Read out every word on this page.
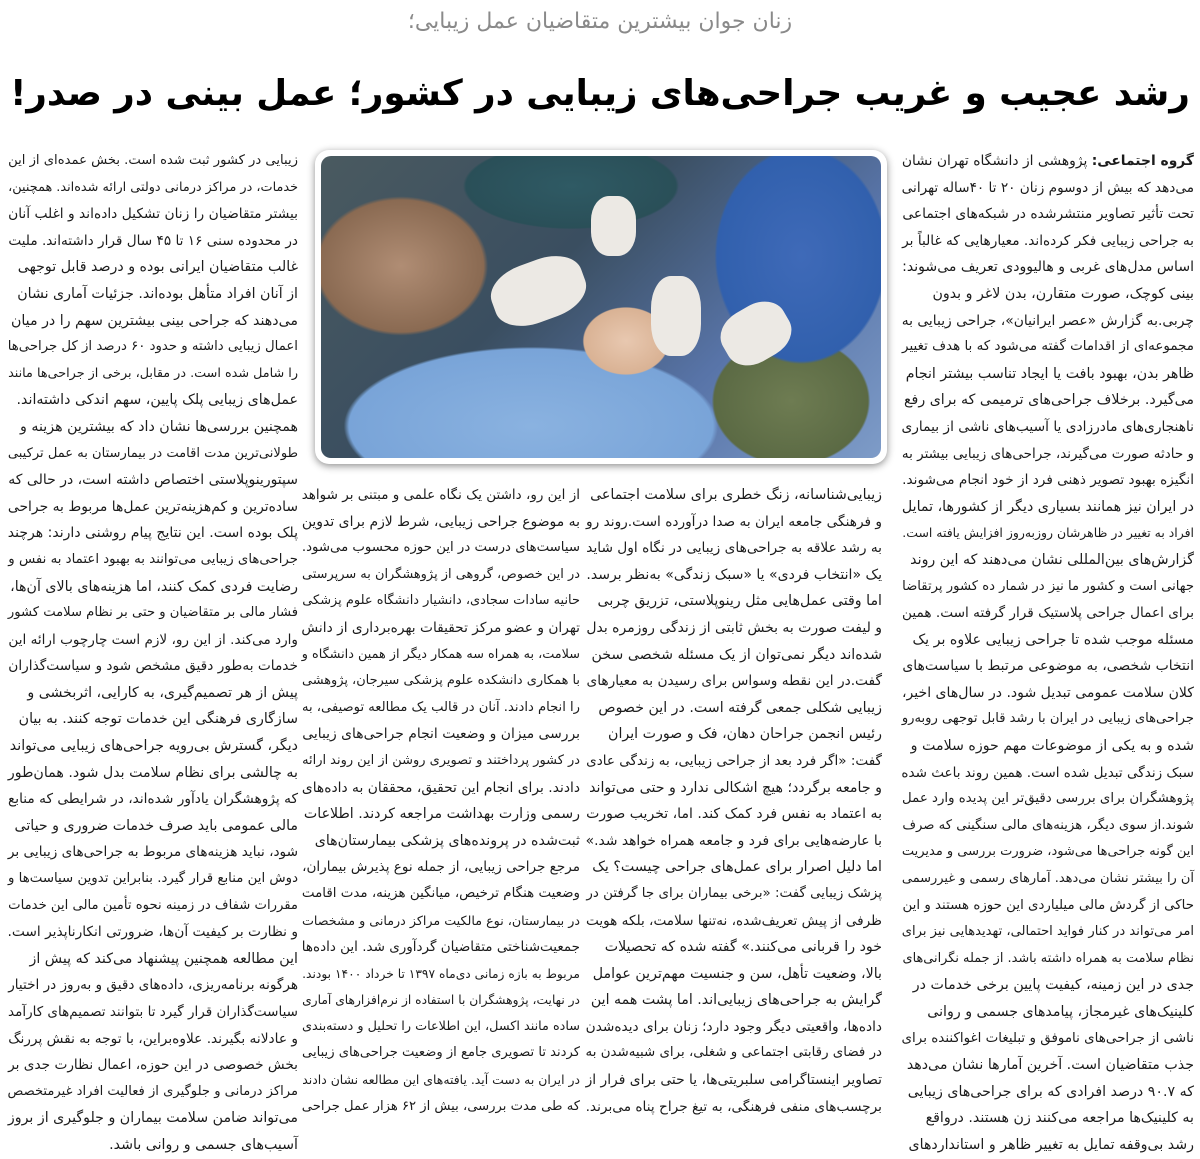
زنان جوان بیشترین متقاضیان عمل زیبایی؛
رشد عجیب و غریب جراحی‌های زیبایی در کشور؛ عمل بینی در صدر!
گروه اجتماعی: پژوهشی از دانشگاه تهران نشان
می‌دهد که بیش از دوسوم زنان ۲۰ تا ۴۰ساله تهرانی
تحت تأثیر تصاویر منتشرشده در شبکه‌های اجتماعی
به جراحی زیبایی فکر کرده‌اند. معیارهایی که غالباً بر
اساس مدل‌های غربی و هالیوودی تعریف می‌شوند:
بینی کوچک، صورت متقارن، بدن لاغر و بدون
چربی.به گزارش «عصر ایرانیان»، جراحی زیبایی به
مجموعه‌ای از اقدامات گفته می‌شود که با هدف تغییر
ظاهر بدن، بهبود بافت یا ایجاد تناسب بیشتر انجام
می‌گیرد. برخلاف جراحی‌های ترمیمی که برای رفع
ناهنجاری‌های مادرزادی یا آسیب‌های ناشی از بیماری
و حادثه صورت می‌گیرند، جراحی‌های زیبایی بیشتر به
انگیزه بهبود تصویر ذهنی فرد از خود انجام می‌شوند.
در ایران نیز همانند بسیاری دیگر از کشورها، تمایل
افراد به تغییر در ظاهرشان روزبه‌روز افزایش یافته است.
گزارش‌های بین‌المللی نشان می‌دهند که این روند
جهانی است و کشور ما نیز در شمار ده کشور پرتقاضا
برای اعمال جراحی پلاستیک قرار گرفته است. همین
مسئله موجب شده تا جراحی زیبایی علاوه بر یک
انتخاب شخصی، به موضوعی مرتبط با سیاست‌های
کلان سلامت عمومی تبدیل شود. در سال‌های اخیر،
جراحی‌های زیبایی در ایران با رشد قابل توجهی روبه‌رو
شده و به یکی از موضوعات مهم حوزه سلامت و
سبک زندگی تبدیل شده است. همین روند باعث شده
پژوهشگران برای بررسی دقیق‌تر این پدیده وارد عمل
شوند.از سوی دیگر، هزینه‌های مالی سنگینی که صرف
این گونه جراحی‌ها می‌شود، ضرورت بررسی و مدیریت
آن را بیشتر نشان می‌دهد. آمارهای رسمی و غیررسمی
حاکی از گردش مالی میلیاردی این حوزه هستند و این
امر می‌تواند در کنار فواید احتمالی، تهدیدهایی نیز برای
نظام سلامت به همراه داشته باشد. از جمله نگرانی‌های
جدی در این زمینه، کیفیت پایین برخی خدمات در
کلینیک‌های غیرمجاز، پیامدهای جسمی و روانی
ناشی از جراحی‌های ناموفق و تبلیغات اغواکننده برای
جذب متقاضیان است. آخرین آمارها نشان می‌دهد
که ۹۰.۷ درصد افرادی که برای جراحی‌های زیبایی
به کلینیک‌ها مراجعه می‌کنند زن هستند. درواقع
رشد بی‌وقفه تمایل به تغییر ظاهر و استانداردهای
زیبایی‌شناسانه، زنگ خطری برای سلامت اجتماعی
و فرهنگی جامعه ایران به صدا درآورده است.روند رو
به رشد علاقه به جراحی‌های زیبایی در نگاه اول شاید
یک «انتخاب فردی» یا «سبک زندگی» به‌نظر برسد.
اما وقتی عمل‌هایی مثل رینوپلاستی، تزریق چربی
و لیفت صورت به بخش ثابتی از زندگی روزمره بدل
شده‌اند دیگر نمی‌توان از یک مسئله شخصی سخن
گفت.در این نقطه وسواس برای رسیدن به معیارهای
زیبایی شکلی جمعی گرفته است. در این خصوص
رئیس انجمن جراحان دهان، فک و صورت ایران
گفت: «اگر فرد بعد از جراحی زیبایی، به زندگی عادی
و جامعه برگردد؛ هیچ اشکالی ندارد و حتی می‌تواند
به اعتماد به نفس فرد کمک کند. اما، تخریب صورت
با عارضه‌هایی برای فرد و جامعه همراه خواهد شد.»
اما دلیل اصرار برای عمل‌های جراحی چیست؟ یک
پزشک زیبایی گفت: «برخی بیماران برای جا گرفتن در
ظرفی از پیش تعریف‌شده، نه‌تنها سلامت، بلکه هویت
خود را قربانی می‌کنند.» گفته شده که تحصیلات
بالا، وضعیت تأهل، سن و جنسیت مهم‌ترین عوامل
گرایش به جراحی‌های زیبایی‌اند. اما پشت همه این
داده‌ها، واقعیتی دیگر وجود دارد؛ زنان برای دیده‌شدن
در فضای رقابتی اجتماعی و شغلی، برای شبیه‌شدن به
تصاویر اینستاگرامی سلبریتی‌ها، یا حتی برای فرار از
برچسب‌های منفی فرهنگی، به تیغ جراح پناه می‌برند.
از این رو، داشتن یک نگاه علمی و مبتنی بر شواهد
به موضوع جراحی زیبایی، شرط لازم برای تدوین
سیاست‌های درست در این حوزه محسوب می‌شود.
در این خصوص، گروهی از پژوهشگران به سرپرستی
حانیه سادات سجادی، دانشیار دانشگاه علوم پزشکی
تهران و عضو مرکز تحقیقات بهره‌برداری از دانش
سلامت، به همراه سه همکار دیگر از همین دانشگاه و
با همکاری دانشکده علوم پزشکی سیرجان، پژوهشی
را انجام دادند. آنان در قالب یک مطالعه توصیفی، به
بررسی میزان و وضعیت انجام جراحی‌های زیبایی
در کشور پرداختند و تصویری روشن از این روند ارائه
دادند. برای انجام این تحقیق، محققان به داده‌های
رسمی وزارت بهداشت مراجعه کردند. اطلاعات
ثبت‌شده در پرونده‌های پزشکی بیمارستان‌های
مرجع جراحی زیبایی، از جمله نوع پذیرش بیماران،
وضعیت هنگام ترخیص، میانگین هزینه، مدت اقامت
در بیمارستان، نوع مالکیت مراکز درمانی و مشخصات
جمعیت‌شناختی متقاضیان گردآوری شد. این داده‌ها
مربوط به بازه زمانی دی‌ماه ۱۳۹۷ تا خرداد ۱۴۰۰ بودند.
در نهایت، پژوهشگران با استفاده از نرم‌افزارهای آماری
ساده مانند اکسل، این اطلاعات را تحلیل و دسته‌بندی
کردند تا تصویری جامع از وضعیت جراحی‌های زیبایی
در ایران به دست آید. یافته‌های این مطالعه نشان دادند
که طی مدت بررسی، بیش از ۶۲ هزار عمل جراحی
زیبایی در کشور ثبت شده است. بخش عمده‌ای از این
خدمات، در مراکز درمانی دولتی ارائه شده‌اند. همچنین،
بیشتر متقاضیان را زنان تشکیل داده‌اند و اغلب آنان
در محدوده سنی ۱۶ تا ۴۵ سال قرار داشته‌اند. ملیت
غالب متقاضیان ایرانی بوده و درصد قابل توجهی
از آنان افراد متأهل بوده‌اند. جزئیات آماری نشان
می‌دهند که جراحی بینی بیشترین سهم را در میان
اعمال زیبایی داشته و حدود ۶۰ درصد از کل جراحی‌ها
را شامل شده است. در مقابل، برخی از جراحی‌ها مانند
عمل‌های زیبایی پلک پایین، سهم اندکی داشته‌اند.
همچنین بررسی‌ها نشان داد که بیشترین هزینه و
طولانی‌ترین مدت اقامت در بیمارستان به عمل ترکیبی
سپتورینوپلاستی اختصاص داشته است، در حالی که
ساده‌ترین و کم‌هزینه‌ترین عمل‌ها مربوط به جراحی
پلک بوده است. این نتایج پیام روشنی دارند: هرچند
جراحی‌های زیبایی می‌توانند به بهبود اعتماد به نفس و
رضایت فردی کمک کنند، اما هزینه‌های بالای آن‌ها،
فشار مالی بر متقاضیان و حتی بر نظام سلامت کشور
وارد می‌کند. از این رو، لازم است چارچوب ارائه این
خدمات به‌طور دقیق مشخص شود و سیاست‌گذاران
پیش از هر تصمیم‌گیری، به کارایی، اثربخشی و
سازگاری فرهنگی این خدمات توجه کنند. به بیان
دیگر، گسترش بی‌رویه جراحی‌های زیبایی می‌تواند
به چالشی برای نظام سلامت بدل شود. همان‌طور
که پژوهشگران یادآور شده‌اند، در شرایطی که منابع
مالی عمومی باید صرف خدمات ضروری و حیاتی
شود، نباید هزینه‌های مربوط به جراحی‌های زیبایی بر
دوش این منابع قرار گیرد. بنابراین تدوین سیاست‌ها و
مقررات شفاف در زمینه نحوه تأمین مالی این خدمات
و نظارت بر کیفیت آن‌ها، ضرورتی انکارناپذیر است.
این مطالعه همچنین پیشنهاد می‌کند که پیش از
هرگونه برنامه‌ریزی، داده‌های دقیق و به‌روز در اختیار
سیاست‌گذاران قرار گیرد تا بتوانند تصمیم‌های کارآمد
و عادلانه بگیرند. علاوه‌براین، با توجه به نقش پررنگ
بخش خصوصی در این حوزه، اعمال نظارت جدی بر
مراکز درمانی و جلوگیری از فعالیت افراد غیرمتخصص
می‌تواند ضامن سلامت بیماران و جلوگیری از بروز
آسیب‌های جسمی و روانی باشد.
